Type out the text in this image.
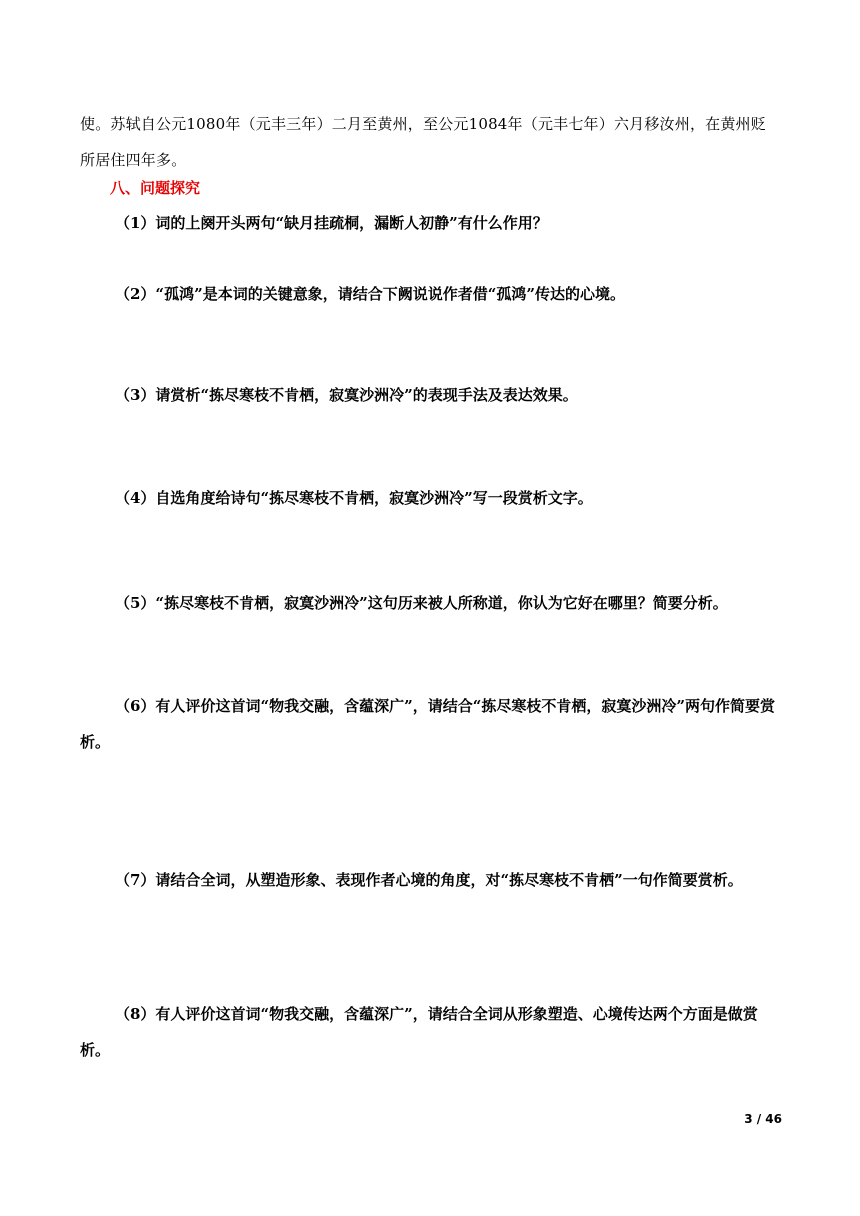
使。苏轼自公元1080年（元丰三年）二月至黄州，至公元1084年（元丰七年）六月移汝州，在黄州贬所居住四年多。

八、问题探究

（1）词的上阕开头两句“缺月挂疏桐，漏断人初静”有什么作用？

（2）“孤鸿”是本词的关键意象，请结合下阙说说作者借“孤鸿”传达的心境。

（3）请赏析“拣尽寒枝不肯栖，寂寞沙洲冷”的表现手法及表达效果。

（4）自选角度给诗句“拣尽寒枝不肯栖，寂寞沙洲冷”写一段赏析文字。

（5）“拣尽寒枝不肯栖，寂寞沙洲冷”这句历来被人所称道，你认为它好在哪里？简要分析。

（6）有人评价这首词“物我交融，含蕴深广”，请结合“拣尽寒枝不肯栖，寂寞沙洲冷”两句作简要赏析。

（7）请结合全词，从塑造形象、表现作者心境的角度，对“拣尽寒枝不肯栖”一句作简要赏析。

（8）有人评价这首词“物我交融，含蕴深广”，请结合全词从形象塑造、心境传达两个方面是做赏析。

3 / 46
